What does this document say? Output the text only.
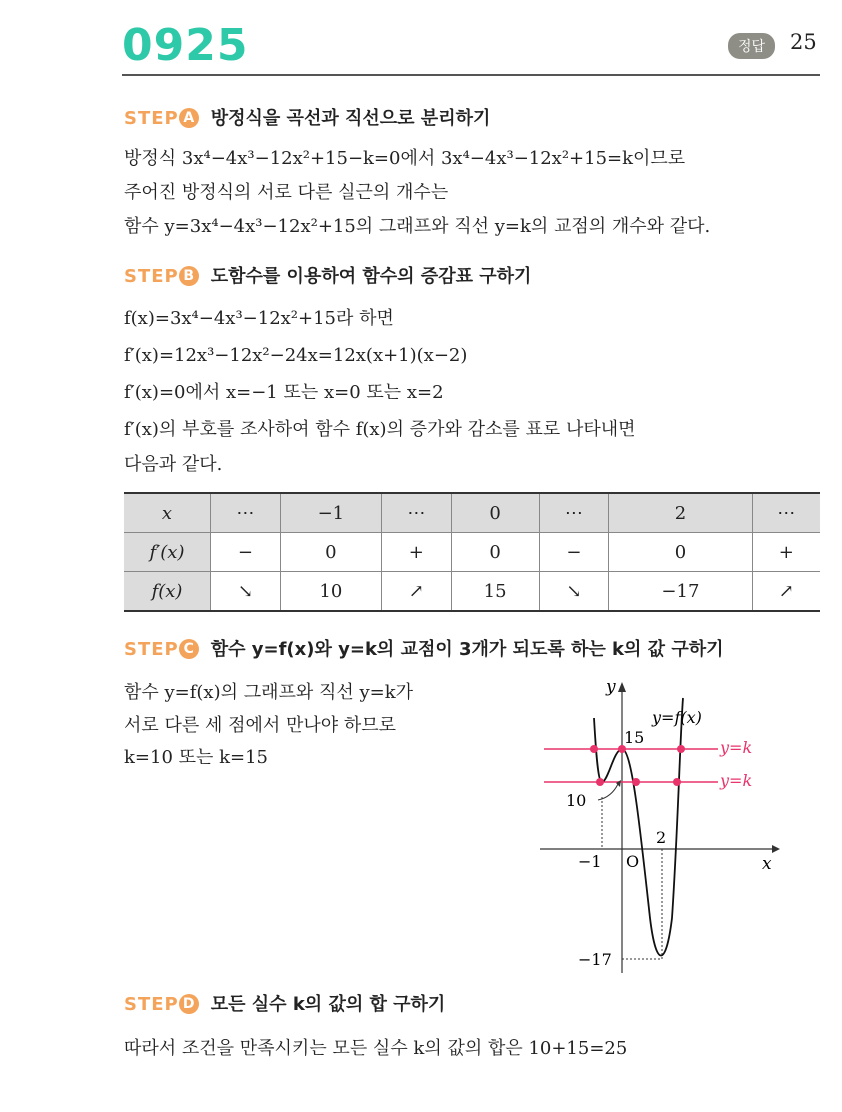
0925	정답	25
STEP A 방정식을 곡선과 직선으로 분리하기
방정식 3x⁴−4x³−12x²+15−k=0에서 3x⁴−4x³−12x²+15=k이므로
주어진 방정식의 서로 다른 실근의 개수는
함수 y=3x⁴−4x³−12x²+15의 그래프와 직선 y=k의 교점의 개수와 같다.
STEP B 도함수를 이용하여 함수의 증감표 구하기
f(x)=3x⁴−4x³−12x²+15라 하면
f′(x)=12x³−12x²−24x=12x(x+1)(x−2)
f′(x)=0에서 x=−1 또는 x=0 또는 x=2
f′(x)의 부호를 조사하여 함수 f(x)의 증가와 감소를 표로 나타내면
다음과 같다.
x	⋯	−1	⋯	0	⋯	2	⋯
f′(x)	−	0	+	0	−	0	+
f(x)	↘	10	↗	15	↘	−17	↗
STEP C 함수 y=f(x)와 y=k의 교점이 3개가 되도록 하는 k의 값 구하기
함수 y=f(x)의 그래프와 직선 y=k가
서로 다른 세 점에서 만나야 하므로
k=10 또는 k=15
y
x
O
y=f(x)
y=k
y=k
15
10
2
−1
−17
STEP D 모든 실수 k의 값의 합 구하기
따라서 조건을 만족시키는 모든 실수 k의 값의 합은 10+15=25
